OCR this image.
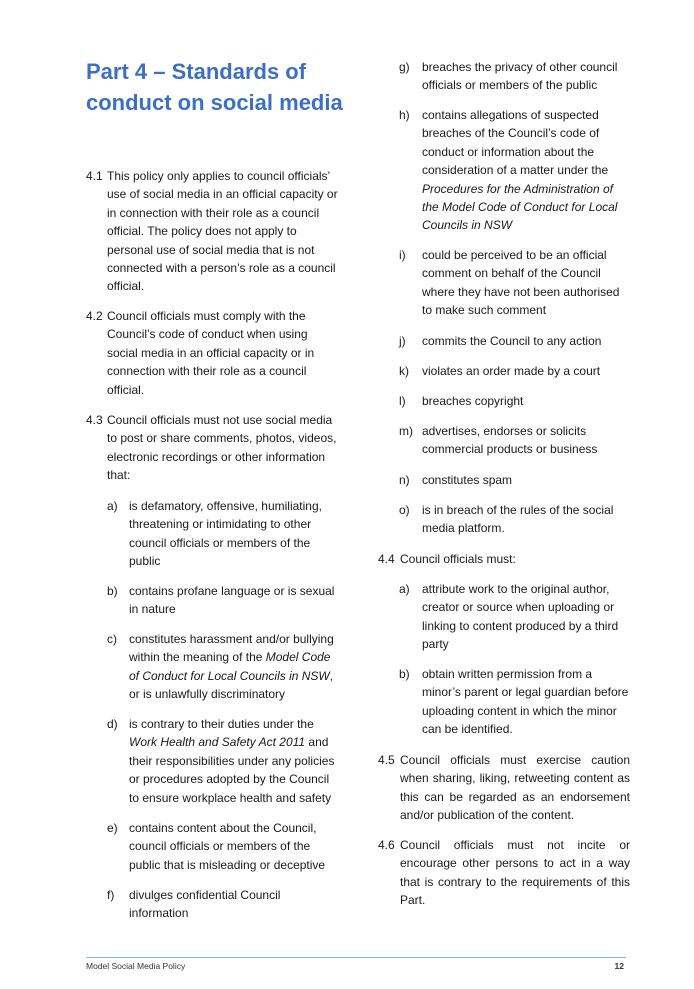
Part 4 – Standards of conduct on social media
4.1 This policy only applies to council officials’ use of social media in an official capacity or in connection with their role as a council official. The policy does not apply to personal use of social media that is not connected with a person’s role as a council official.
4.2 Council officials must comply with the Council’s code of conduct when using social media in an official capacity or in connection with their role as a council official.
4.3 Council officials must not use social media to post or share comments, photos, videos, electronic recordings or other information that:
a) is defamatory, offensive, humiliating, threatening or intimidating to other council officials or members of the public
b) contains profane language or is sexual in nature
c)	constitutes harassment and/or bullying within the meaning of the Model Code of Conduct for Local Councils in NSW, or is unlawfully discriminatory
d) is contrary to their duties under the Work Health and Safety Act 2011 and their responsibilities under any policies or procedures adopted by the Council to ensure workplace health and safety
e) contains content about the Council, council officials or members of the public that is misleading or deceptive
f)	divulges confidential Council information
g)	breaches the privacy of other council officials or members of the public
h)	contains allegations of suspected breaches of the Council’s code of conduct or information about the consideration of a matter under the Procedures for the Administration of the Model Code of Conduct for Local Councils in NSW
i)	could be perceived to be an official comment on behalf of the Council where they have not been authorised to make such comment
j)	commits the Council to any action
k)	violates an order made by a court
l)	breaches copyright
m) advertises, endorses or solicits commercial products or business
n)	constitutes spam
o)	is in breach of the rules of the social media platform.
4.4 Council officials must:
a)	attribute work to the original author, creator or source when uploading or linking to content produced by a third party
b)	obtain written permission from a minor’s parent or legal guardian before uploading content in which the minor can be identified.
4.5 Council officials must exercise caution when sharing, liking, retweeting content as this can be regarded as an endorsement and/or publication of the content.
4.6 Council officials must not incite or encourage other persons to act in a way that is contrary to the requirements of this Part.
Model Social Media Policy	12
